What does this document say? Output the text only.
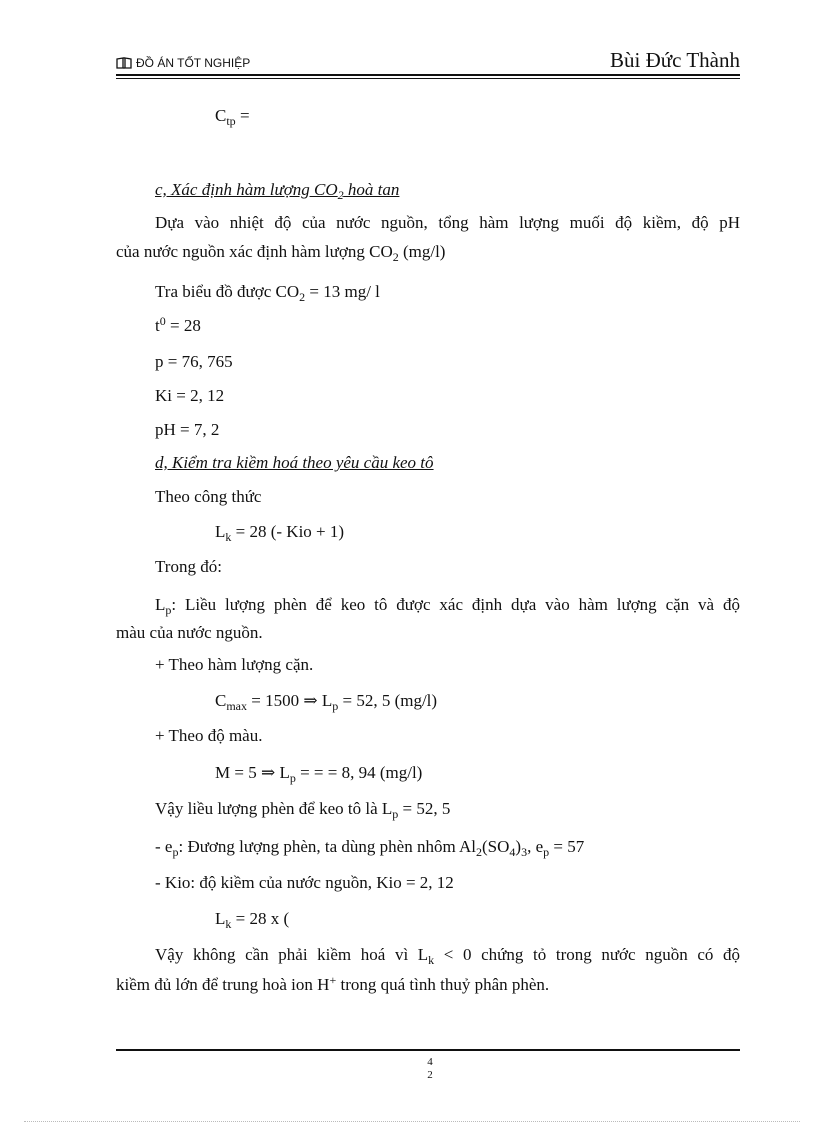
ĐỒ ÁN TỐT NGHIỆP	Bùi Đức Thành
$C_{tp}$ =
c, Xác định hàm lượng $CO_2$ hoà tan
Dựa vào nhiệt độ của nước nguồn, tổng hàm lượng muối độ kiềm, độ pH
của nước nguồn xác định hàm lượng $CO_2$ (mg/l)
Tra biểu đồ được $CO_2 = 13$ mg/ l
$t^0 = 28$
p = 76, 765
Ki = 2, 12
pH = 7, 2
d, Kiểm tra kiềm hoá theo yêu cầu keo tô
Theo công thức
$L_k = 28$ (- Kio + 1)
Trong đó:
$L_p$: Liều lượng phèn để keo tô được xác định dựa vào hàm lượng cặn và độ
màu của nước nguồn.
+ Theo hàm lượng cặn.
$C_{max} = 1500$ ⇒ $L_p = 52$, 5 (mg/l)
+ Theo độ màu.
M = 5 ⇒ $L_p$ = = = 8, 94 (mg/l)
Vậy liều lượng phèn để keo tô là $L_p = 52$, 5
- $e_p$: Đương lượng phèn, ta dùng phèn nhôm $Al_2(SO_4)_3$, $e_p = 57$
- Kio: độ kiềm của nước nguồn, Kio = 2, 12
$L_k = 28$ x (
Vậy không cần phải kiềm hoá vì $L_k < 0$ chứng tỏ trong nước nguồn có độ
kiềm đủ lớn để trung hoà ion H+ trong quá tình thuỷ phân phèn.
4
2
